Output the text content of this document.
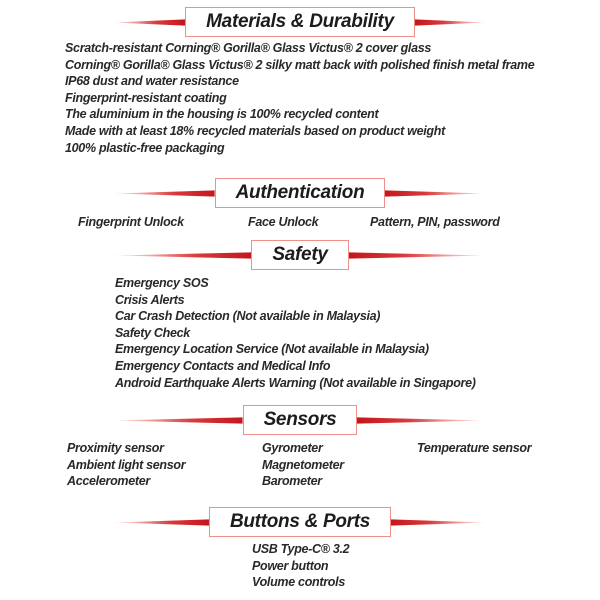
Materials & Durability
Scratch-resistant Corning® Gorilla® Glass Victus® 2 cover glass
Corning® Gorilla® Glass Victus® 2 silky matt back with polished finish metal frame
IP68 dust and water resistance
Fingerprint-resistant coating
The aluminium in the housing is 100% recycled content
Made with at least 18% recycled materials based on product weight
100% plastic-free packaging
Authentication
Fingerprint Unlock	Face Unlock	Pattern, PIN, password
Safety
Emergency SOS
Crisis Alerts
Car Crash Detection (Not available in Malaysia)
Safety Check
Emergency Location Service (Not available in Malaysia)
Emergency Contacts and Medical Info
Android Earthquake Alerts Warning (Not available in Singapore)
Sensors
Proximity sensor
Ambient light sensor
Accelerometer
Gyrometer
Magnetometer
Barometer
Temperature sensor
Buttons & Ports
USB Type-C® 3.2
Power button
Volume controls
